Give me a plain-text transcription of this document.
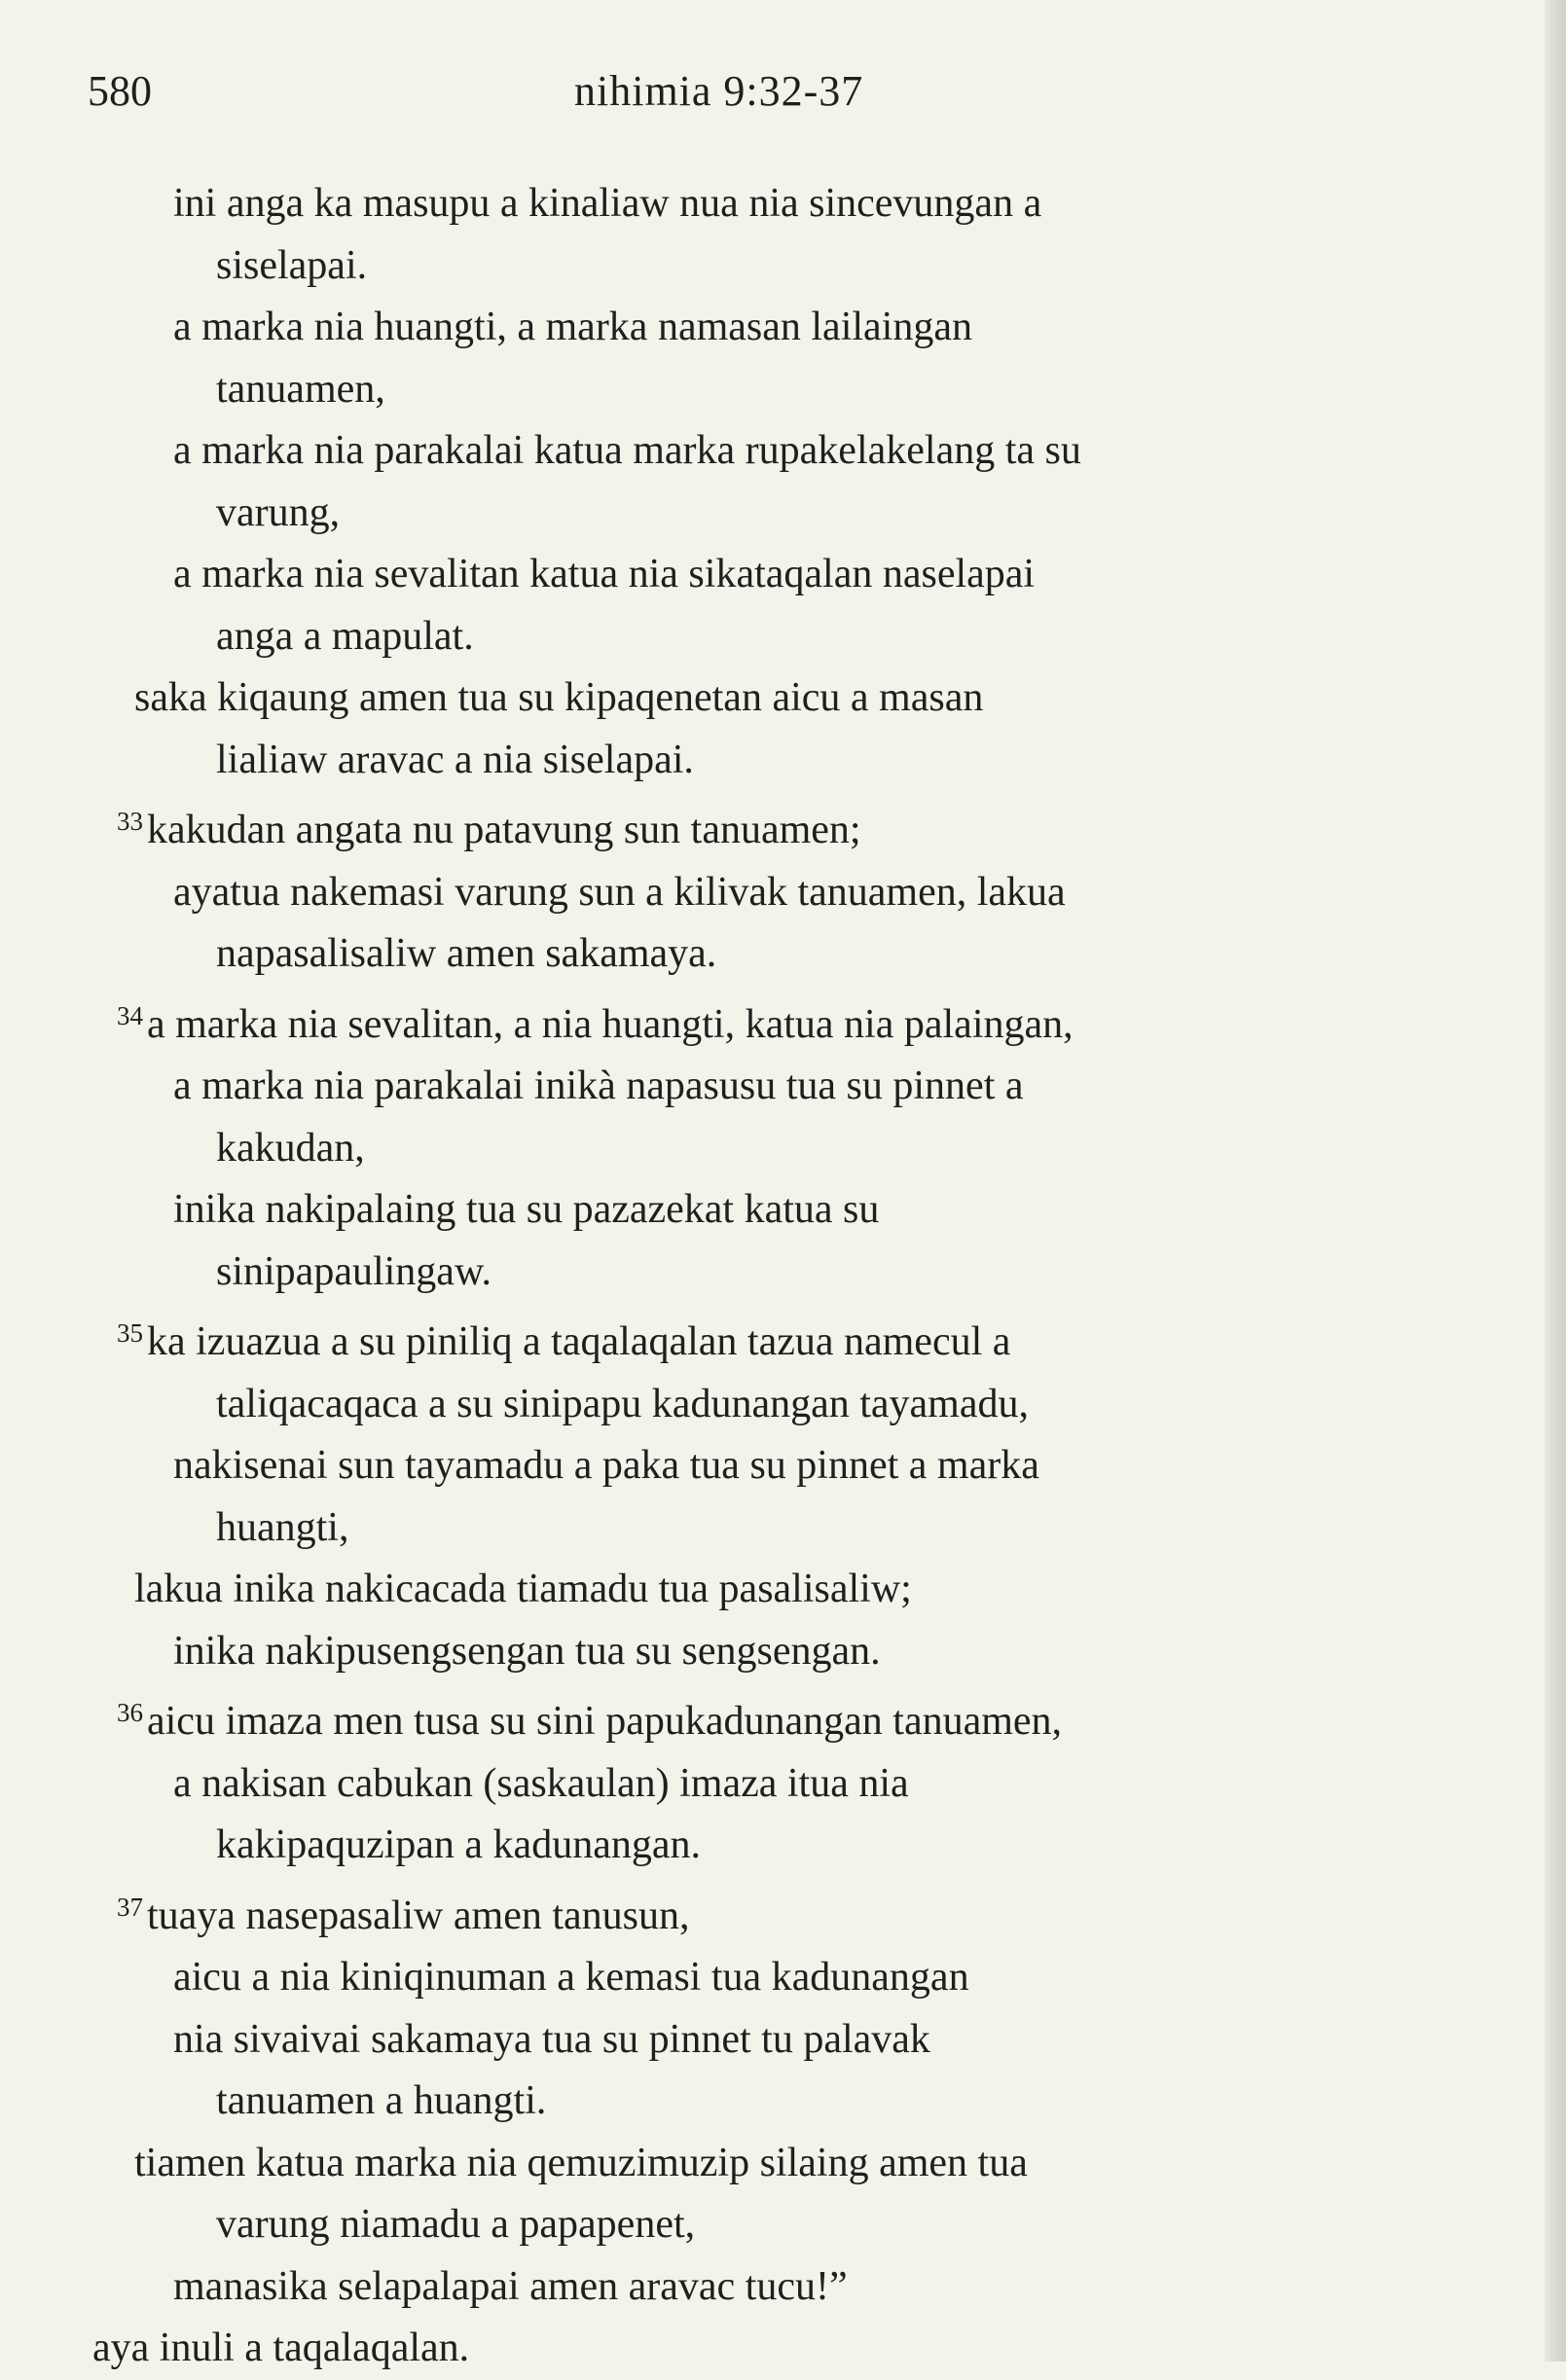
580	nihimia 9:32-37
ini anga ka masupu a kinaliaw nua nia sincevungan a
siselapai.
a marka nia huangti, a marka namasan lailaingan
tanuamen,
a marka nia parakalai katua marka rupakelakelang ta su
varung,
a marka nia sevalitan katua nia sikataqalan naselapai
anga a mapulat.
saka kiqaung amen tua su kipaqenetan aicu a masan
lialiaw aravac a nia siselapai.
$^{33}$kakudan angata nu patavung sun tanuamen;
ayatua nakemasi varung sun a kilivak tanuamen, lakua
napasalisaliw amen sakamaya.
$^{34}$a marka nia sevalitan, a nia huangti, katua nia palaingan,
a marka nia parakalai inikà napasusu tua su pinnet a
kakudan,
inika nakipalaing tua su pazazekat katua su
sinipapaulingaw.
$^{35}$ka izuazua a su piniliq a taqalaqalan tazua namecul a
taliqacaqaca a su sinipapu kadunangan tayamadu,
nakisenai sun tayamadu a paka tua su pinnet a marka
huangti,
lakua inika nakicacada tiamadu tua pasalisaliw;
inika nakipusengsengan tua su sengsengan.
$^{36}$aicu imaza men tusa su sini papukadunangan tanuamen,
a nakisan cabukan (saskaulan) imaza itua nia
kakipaquzipan a kadunangan.
$^{37}$tuaya nasepasaliw amen tanusun,
aicu a nia kiniqinuman a kemasi tua kadunangan
nia sivaivai sakamaya tua su pinnet tu palavak
tanuamen a huangti.
tiamen katua marka nia qemuzimuzip silaing amen tua
varung niamadu a papapenet,
manasika selapalapai amen aravac tucu!”
aya inuli a taqalaqalan.
